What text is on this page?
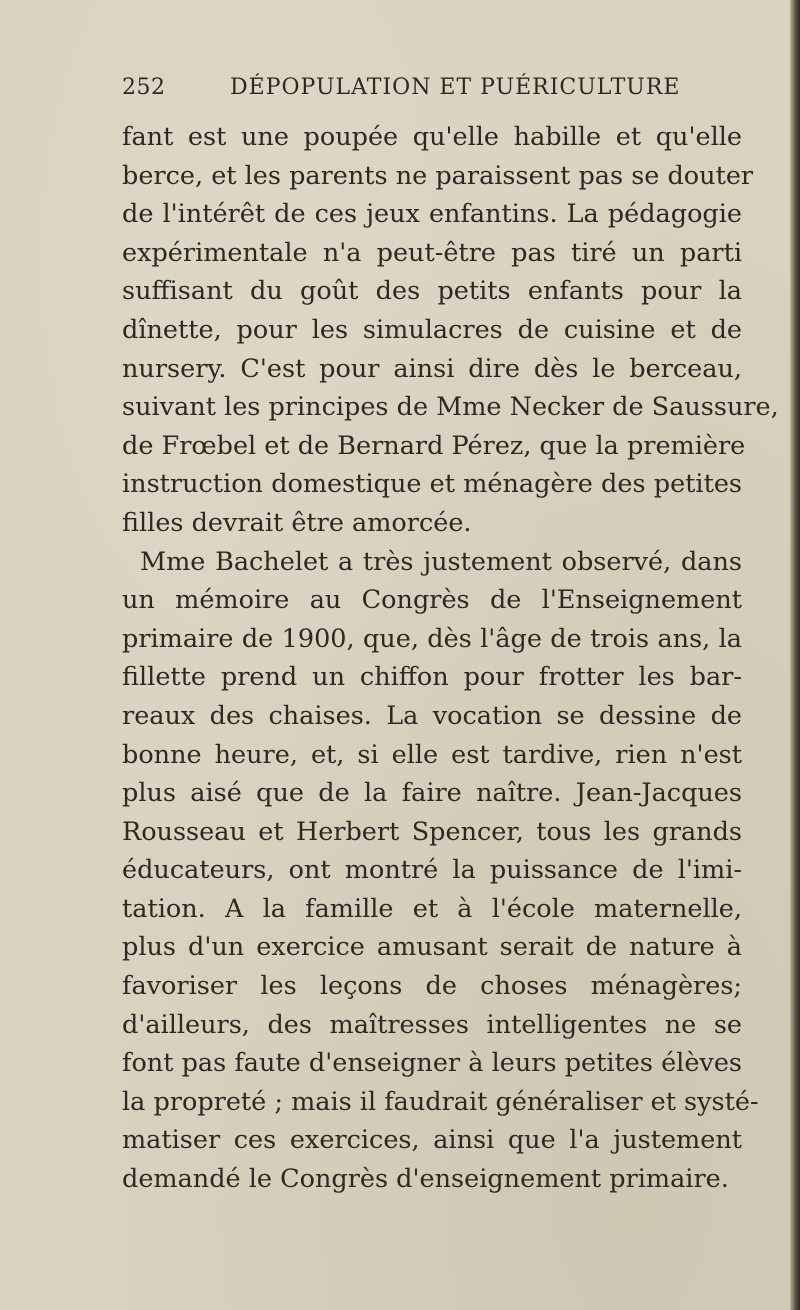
252	DÉPOPULATION ET PUÉRICULTURE
fant est une poupée qu'elle habille et qu'elle
berce, et les parents ne paraissent pas se douter
de l'intérêt de ces jeux enfantins. La pédagogie
expérimentale n'a peut-être pas tiré un parti
suffisant du goût des petits enfants pour la
dînette, pour les simulacres de cuisine et de
nursery. C'est pour ainsi dire dès le berceau,
suivant les principes de Mme Necker de Saussure,
de Frœbel et de Bernard Pérez, que la première
instruction domestique et ménagère des petites
filles devrait être amorcée.
Mme Bachelet a très justement observé, dans
un mémoire au Congrès de l'Enseignement
primaire de 1900, que, dès l'âge de trois ans, la
fillette prend un chiffon pour frotter les bar-
reaux des chaises. La vocation se dessine de
bonne heure, et, si elle est tardive, rien n'est
plus aisé que de la faire naître. Jean-Jacques
Rousseau et Herbert Spencer, tous les grands
éducateurs, ont montré la puissance de l'imi-
tation. A la famille et à l'école maternelle,
plus d'un exercice amusant serait de nature à
favoriser les leçons de choses ménagères;
d'ailleurs, des maîtresses intelligentes ne se
font pas faute d'enseigner à leurs petites élèves
la propreté ; mais il faudrait généraliser et systé-
matiser ces exercices, ainsi que l'a justement
demandé le Congrès d'enseignement primaire.
